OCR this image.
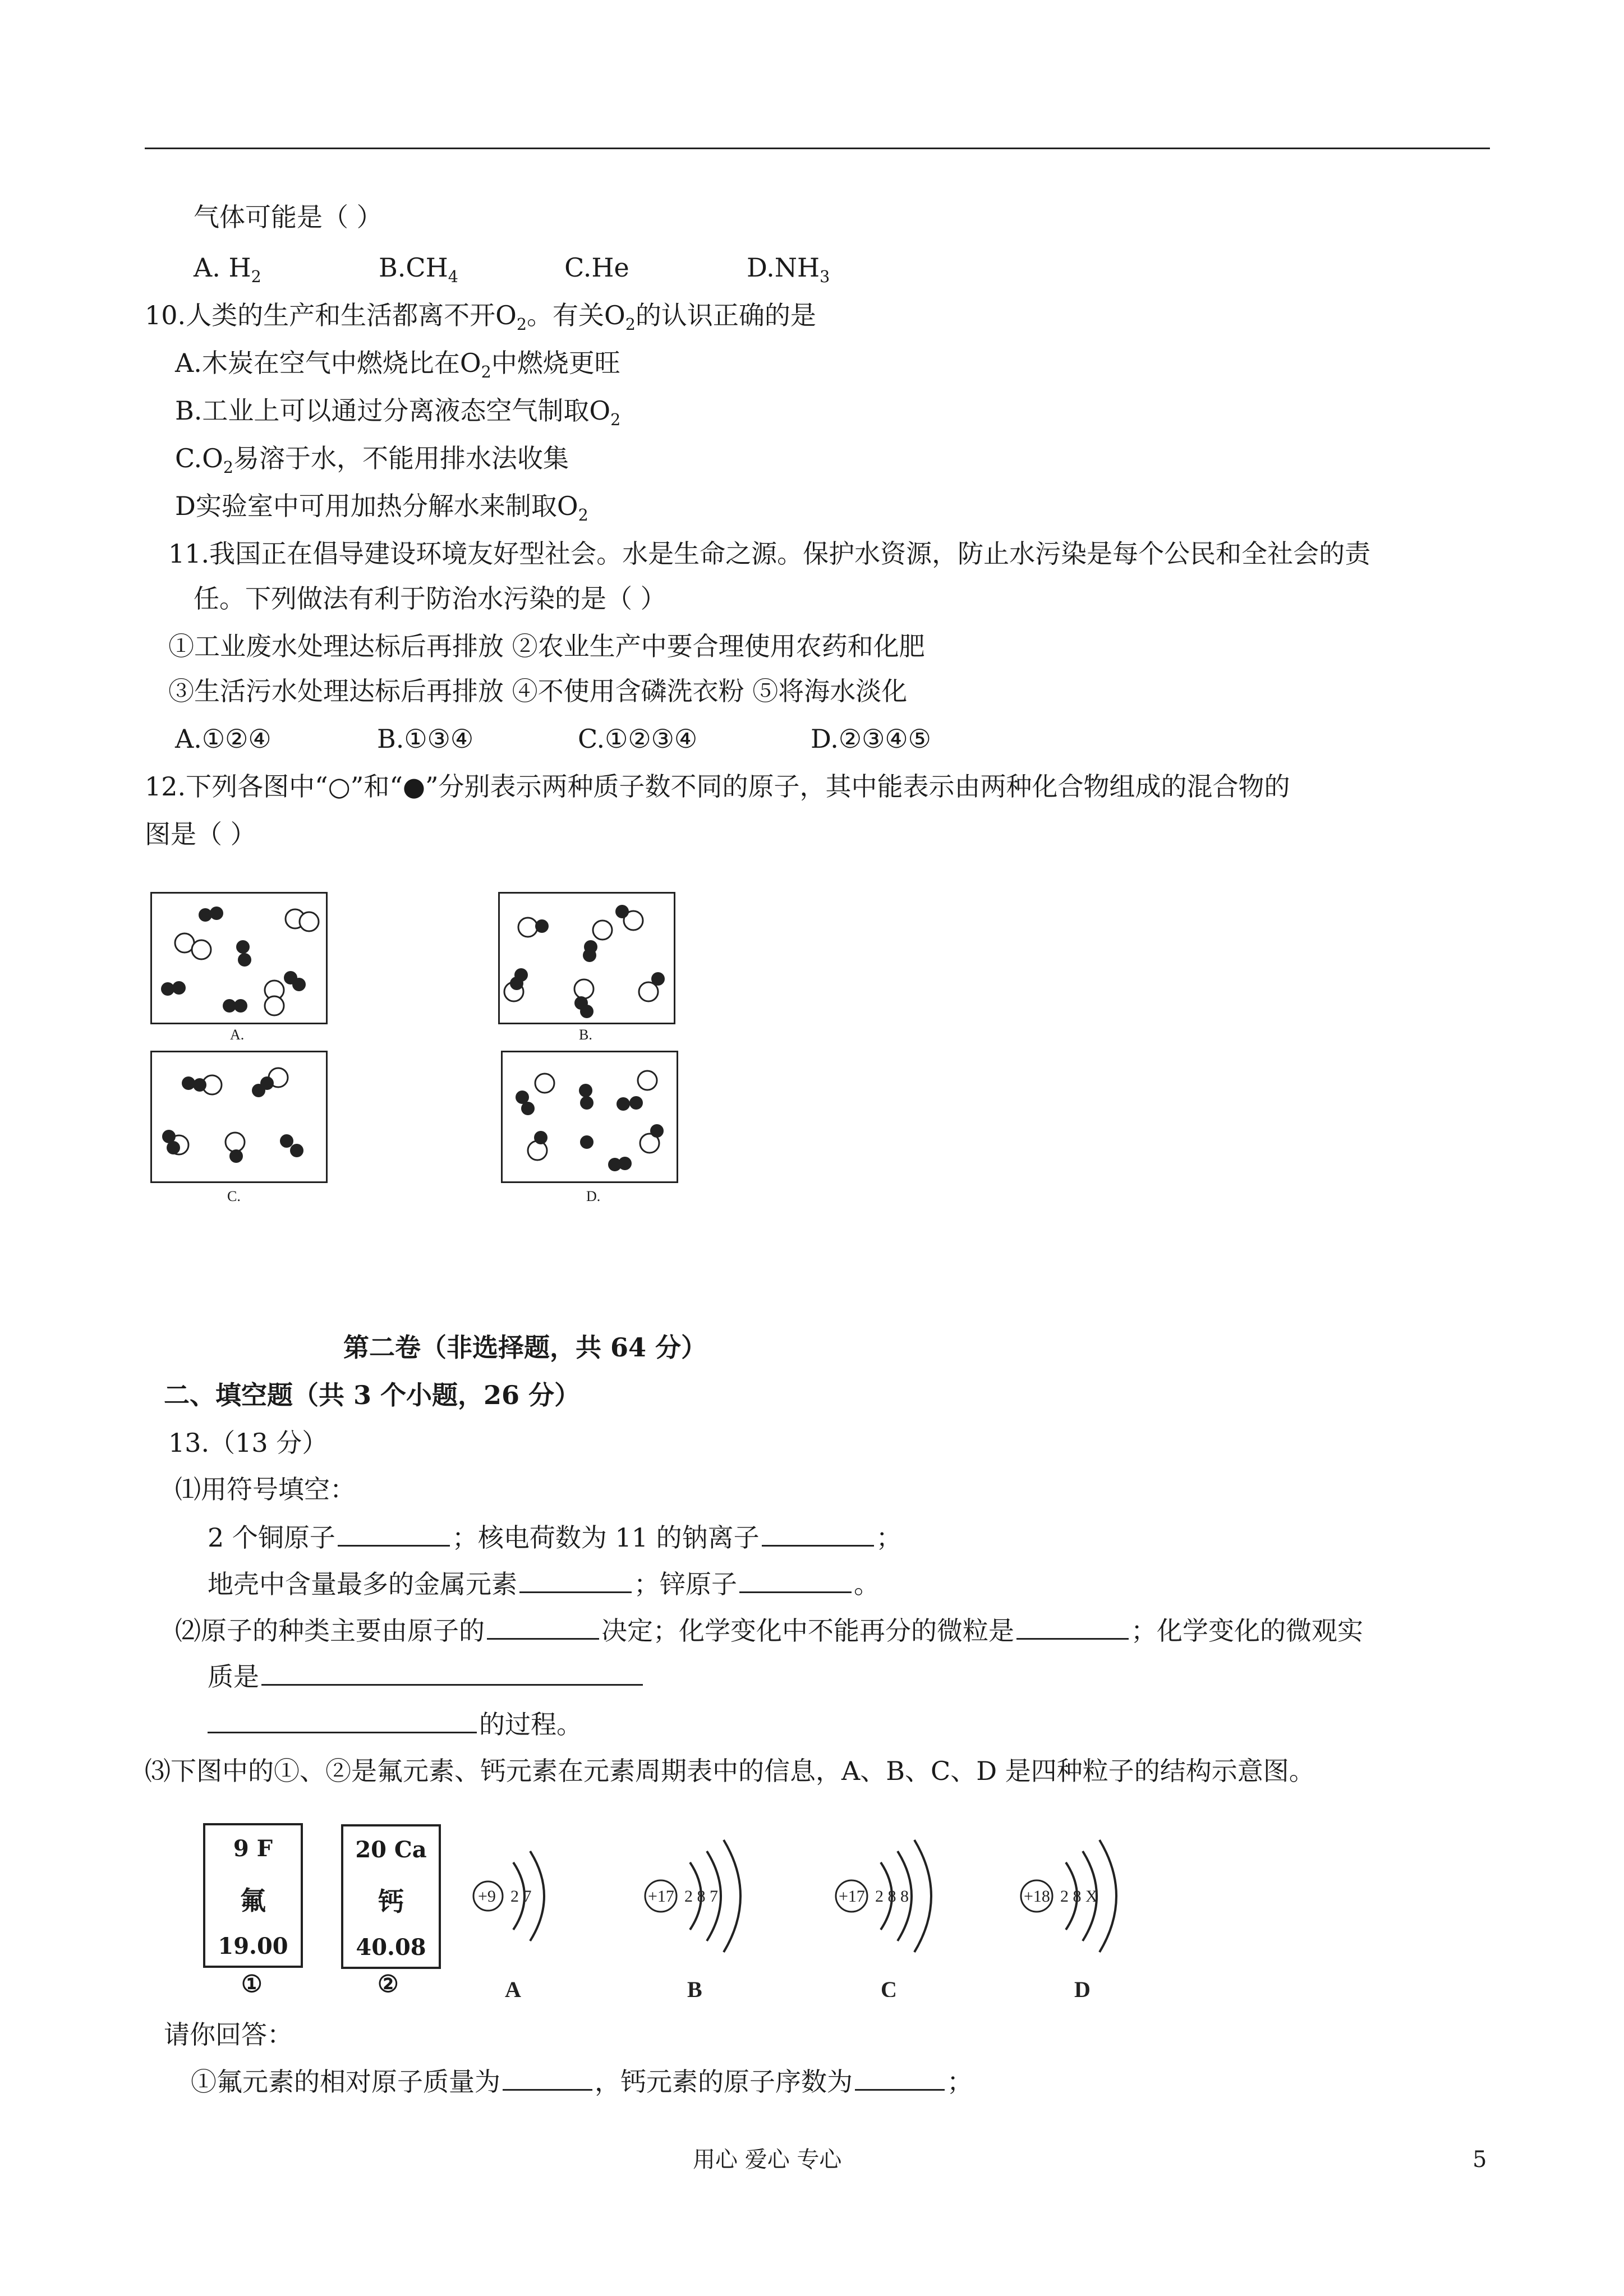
气体可能是（ ）
A. $H_2$	$B.CH_4$	C.He	$D.NH_3$
10.人类的生产和生活都离不开$O_2$。有关$O_2$的认识正确的是
A.木炭在空气中燃烧比在$O_2$中燃烧更旺
B.工业上可以通过分离液态空气制取$O_2$
$C.O_2$易溶于水，不能用排水法收集
D实验室中可用加热分解水来制取$O_2$
11.我国正在倡导建设环境友好型社会。水是生命之源。保护水资源，防止水污染是每个公民和全社会的责
任。下列做法有利于防治水污染的是（ ）
①工业废水处理达标后再排放 ②农业生产中要合理使用农药和化肥
③生活污水处理达标后再排放 ④不使用含磷洗衣粉 ⑤将海水淡化
A.①②④	B.①③④	C.①②③④	D.②③④⑤
12.下列各图中“○”和“●”分别表示两种质子数不同的原子，其中能表示由两种化合物组成的混合物的
图是（ ）
A.	B.
C.	D.
第二卷（非选择题，共 64 分）
二、填空题（共 3 个小题，26 分）
13.（13 分）
⑴用符号填空：
2 个铜原子	；核电荷数为 11 的钠离子	；
地壳中含量最多的金属元素	；锌原子	。
⑵原子的种类主要由原子的	决定；化学变化中不能再分的微粒是	；化学变化的微观实
质是
的过程。
⑶下图中的①、②是氟元素、钙元素在元素周期表中的信息，A、B、C、D 是四种粒子的结构示意图。
9 F
氟
19.00
①
20 Ca
钙
40.08
②
+9 2 7	+17 2 8 7	+17 2 8 8	+18 2 8 X
A	B	C	D
请你回答：
①氟元素的相对原子质量为	，钙元素的原子序数为	；
用心 爱心 专心	5
